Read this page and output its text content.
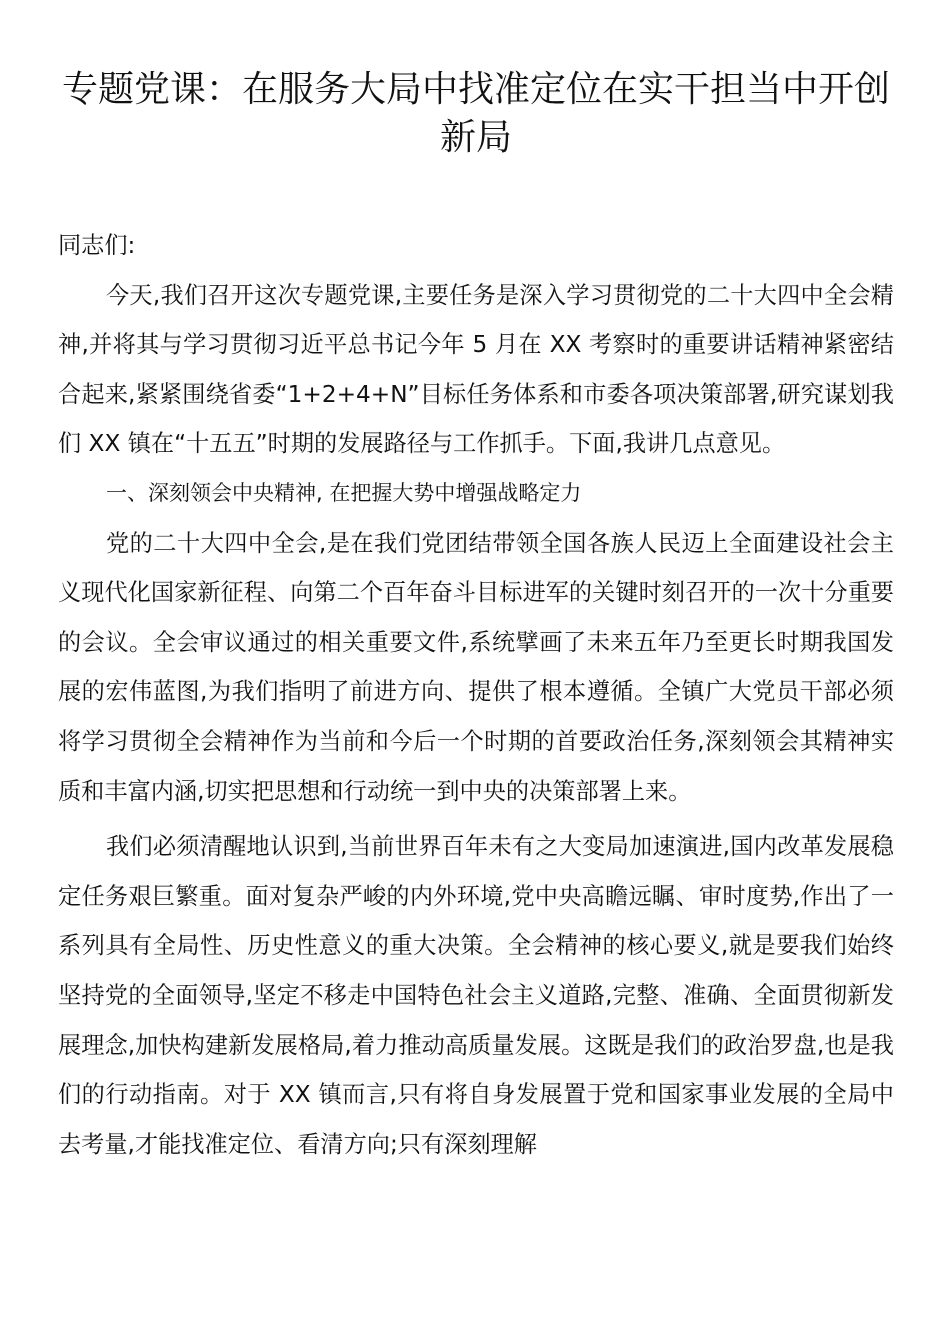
专题党课：在服务大局中找准定位在实干担当中开创新局

同志们:

今天,我们召开这次专题党课,主要任务是深入学习贯彻党的二十大四中全会精神,并将其与学习贯彻习近平总书记今年 5 月在 XX 考察时的重要讲话精神紧密结合起来,紧紧围绕省委“1+2+4+N”目标任务体系和市委各项决策部署,研究谋划我们 XX 镇在“十五五”时期的发展路径与工作抓手。下面,我讲几点意见。

一、深刻领会中央精神, 在把握大势中增强战略定力

党的二十大四中全会,是在我们党团结带领全国各族人民迈上全面建设社会主义现代化国家新征程、向第二个百年奋斗目标进军的关键时刻召开的一次十分重要的会议。全会审议通过的相关重要文件,系统擘画了未来五年乃至更长时期我国发展的宏伟蓝图,为我们指明了前进方向、提供了根本遵循。全镇广大党员干部必须将学习贯彻全会精神作为当前和今后一个时期的首要政治任务,深刻领会其精神实质和丰富内涵,切实把思想和行动统一到中央的决策部署上来。

我们必须清醒地认识到,当前世界百年未有之大变局加速演进,国内改革发展稳定任务艰巨繁重。面对复杂严峻的内外环境,党中央高瞻远瞩、审时度势,作出了一系列具有全局性、历史性意义的重大决策。全会精神的核心要义,就是要我们始终坚持党的全面领导,坚定不移走中国特色社会主义道路,完整、准确、全面贯彻新发展理念,加快构建新发展格局,着力推动高质量发展。这既是我们的政治罗盘,也是我们的行动指南。对于 XX 镇而言,只有将自身发展置于党和国家事业发展的全局中去考量,才能找准定位、看清方向;只有深刻理解
